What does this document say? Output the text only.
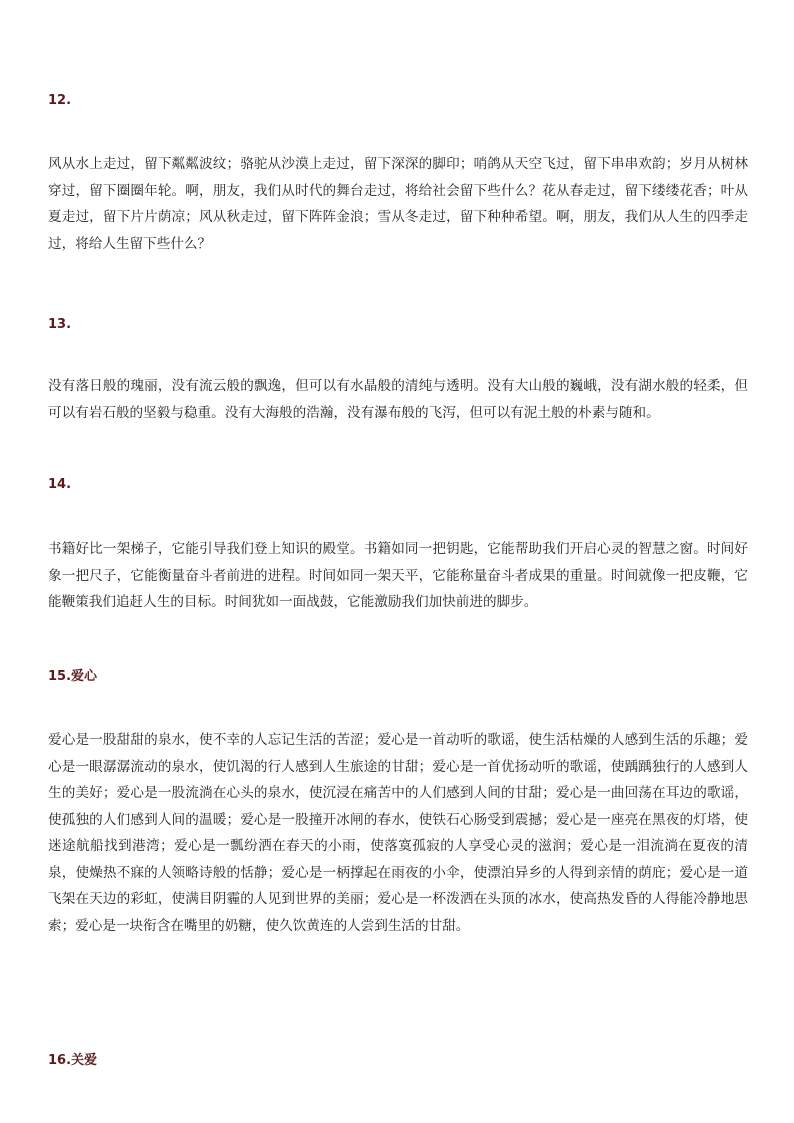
12.

风从水上走过，留下粼粼波纹；骆驼从沙漠上走过，留下深深的脚印；哨鸽从天空飞过，留下串串欢韵；岁月从树林穿过，留下圈圈年轮。啊，朋友，我们从时代的舞台走过，将给社会留下些什么？花从春走过，留下缕缕花香；叶从夏走过，留下片片荫凉；风从秋走过，留下阵阵金浪；雪从冬走过，留下种种希望。啊，朋友，我们从人生的四季走过，将给人生留下些什么？

13.

没有落日般的瑰丽，没有流云般的飘逸，但可以有水晶般的清纯与透明。没有大山般的巍峨，没有湖水般的轻柔，但可以有岩石般的坚毅与稳重。没有大海般的浩瀚，没有瀑布般的飞泻，但可以有泥土般的朴素与随和。

14.

书籍好比一架梯子，它能引导我们登上知识的殿堂。书籍如同一把钥匙，它能帮助我们开启心灵的智慧之窗。时间好象一把尺子，它能衡量奋斗者前进的进程。时间如同一架天平，它能称量奋斗者成果的重量。时间就像一把皮鞭，它能鞭策我们追赶人生的目标。时间犹如一面战鼓，它能激励我们加快前进的脚步。

15.爱心

爱心是一股甜甜的泉水，使不幸的人忘记生活的苦涩；爱心是一首动听的歌谣，使生活枯燥的人感到生活的乐趣；爱心是一眼潺潺流动的泉水，使饥渴的行人感到人生旅途的甘甜；爱心是一首优扬动听的歌谣，使踽踽独行的人感到人生的美好；爱心是一股流淌在心头的泉水，使沉浸在痛苦中的人们感到人间的甘甜；爱心是一曲回荡在耳边的歌谣，使孤独的人们感到人间的温暖；爱心是一股撞开冰闸的春水，使铁石心肠受到震撼；爱心是一座亮在黑夜的灯塔，使迷途航船找到港湾；爱心是一瓢纷洒在春天的小雨，使落寞孤寂的人享受心灵的滋润；爱心是一泪流淌在夏夜的清泉，使燥热不寐的人领略诗般的恬静；爱心是一柄撑起在雨夜的小伞，使漂泊异乡的人得到亲情的荫庇；爱心是一道飞架在天边的彩虹，使满目阴霾的人见到世界的美丽；爱心是一杯泼洒在头顶的冰水，使高热发昏的人得能冷静地思索；爱心是一块衔含在嘴里的奶糖，使久饮黄连的人尝到生活的甘甜。

16.关爱
